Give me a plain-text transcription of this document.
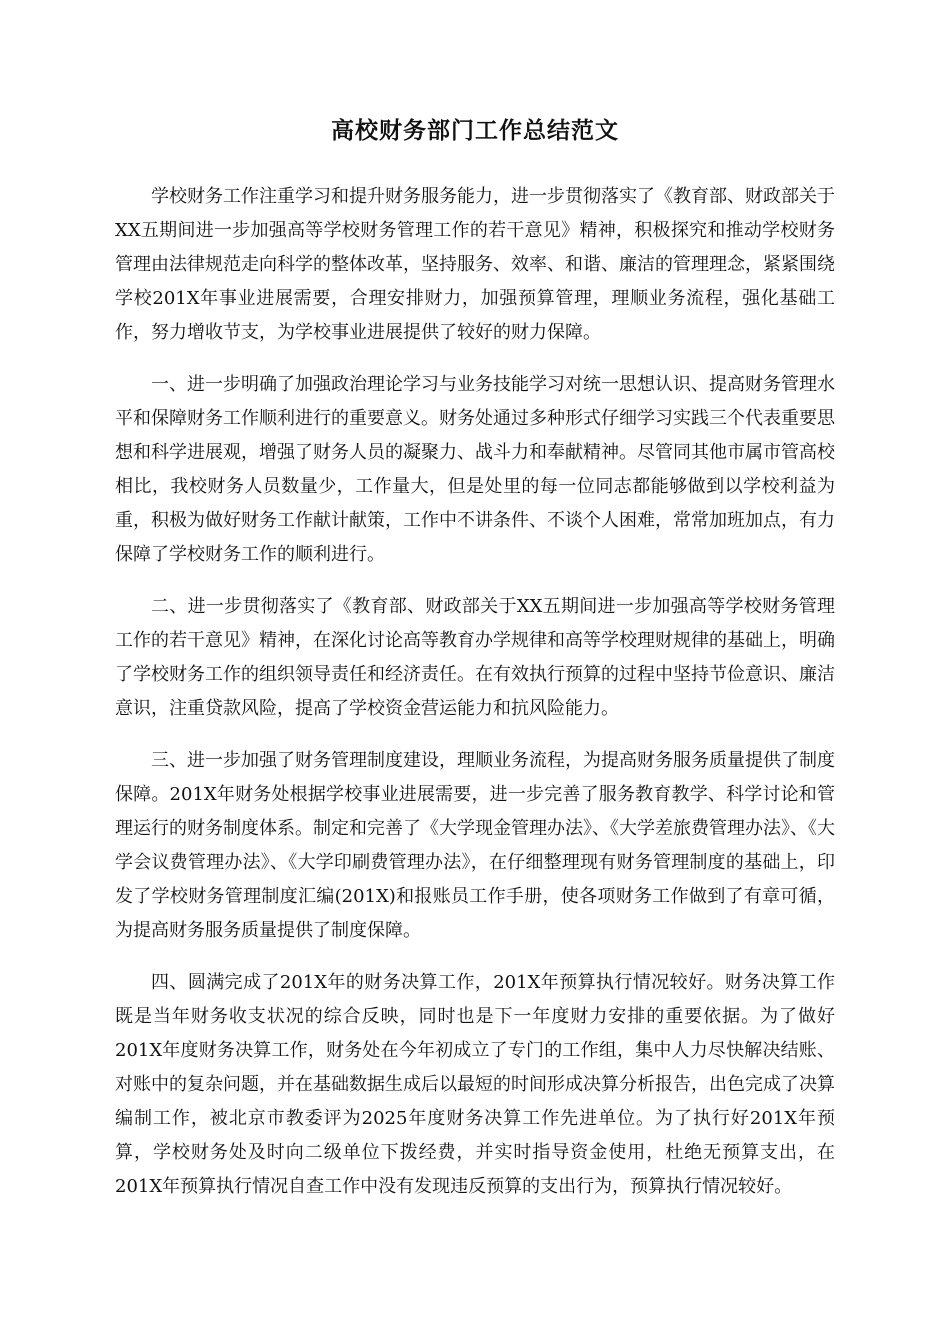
高校财务部门工作总结范文

学校财务工作注重学习和提升财务服务能力，进一步贯彻落实了《教育部、财政部关于XX五期间进一步加强高等学校财务管理工作的若干意见》精神，积极探究和推动学校财务管理由法律规范走向科学的整体改革，坚持服务、效率、和谐、廉洁的管理理念，紧紧围绕学校201X年事业进展需要，合理安排财力，加强预算管理，理顺业务流程，强化基础工作，努力增收节支，为学校事业进展提供了较好的财力保障。

一、进一步明确了加强政治理论学习与业务技能学习对统一思想认识、提高财务管理水平和保障财务工作顺利进行的重要意义。财务处通过多种形式仔细学习实践三个代表重要思想和科学进展观，增强了财务人员的凝聚力、战斗力和奉献精神。尽管同其他市属市管高校相比，我校财务人员数量少，工作量大，但是处里的每一位同志都能够做到以学校利益为重，积极为做好财务工作献计献策，工作中不讲条件、不谈个人困难，常常加班加点，有力保障了学校财务工作的顺利进行。

二、进一步贯彻落实了《教育部、财政部关于XX五期间进一步加强高等学校财务管理工作的若干意见》精神，在深化讨论高等教育办学规律和高等学校理财规律的基础上，明确了学校财务工作的组织领导责任和经济责任。在有效执行预算的过程中坚持节俭意识、廉洁意识，注重贷款风险，提高了学校资金营运能力和抗风险能力。

三、进一步加强了财务管理制度建设，理顺业务流程，为提高财务服务质量提供了制度保障。201X年财务处根据学校事业进展需要，进一步完善了服务教育教学、科学讨论和管理运行的财务制度体系。制定和完善了《大学现金管理办法》、《大学差旅费管理办法》、《大学会议费管理办法》、《大学印刷费管理办法》，在仔细整理现有财务管理制度的基础上，印发了学校财务管理制度汇编(201X)和报账员工作手册，使各项财务工作做到了有章可循，为提高财务服务质量提供了制度保障。

四、圆满完成了201X年的财务决算工作，201X年预算执行情况较好。财务决算工作既是当年财务收支状况的综合反映，同时也是下一年度财力安排的重要依据。为了做好201X年度财务决算工作，财务处在今年初成立了专门的工作组，集中人力尽快解决结账、对账中的复杂问题，并在基础数据生成后以最短的时间形成决算分析报告，出色完成了决算编制工作，被北京市教委评为2025年度财务决算工作先进单位。为了执行好201X年预算，学校财务处及时向二级单位下拨经费，并实时指导资金使用，杜绝无预算支出，在201X年预算执行情况自查工作中没有发现违反预算的支出行为，预算执行情况较好。
